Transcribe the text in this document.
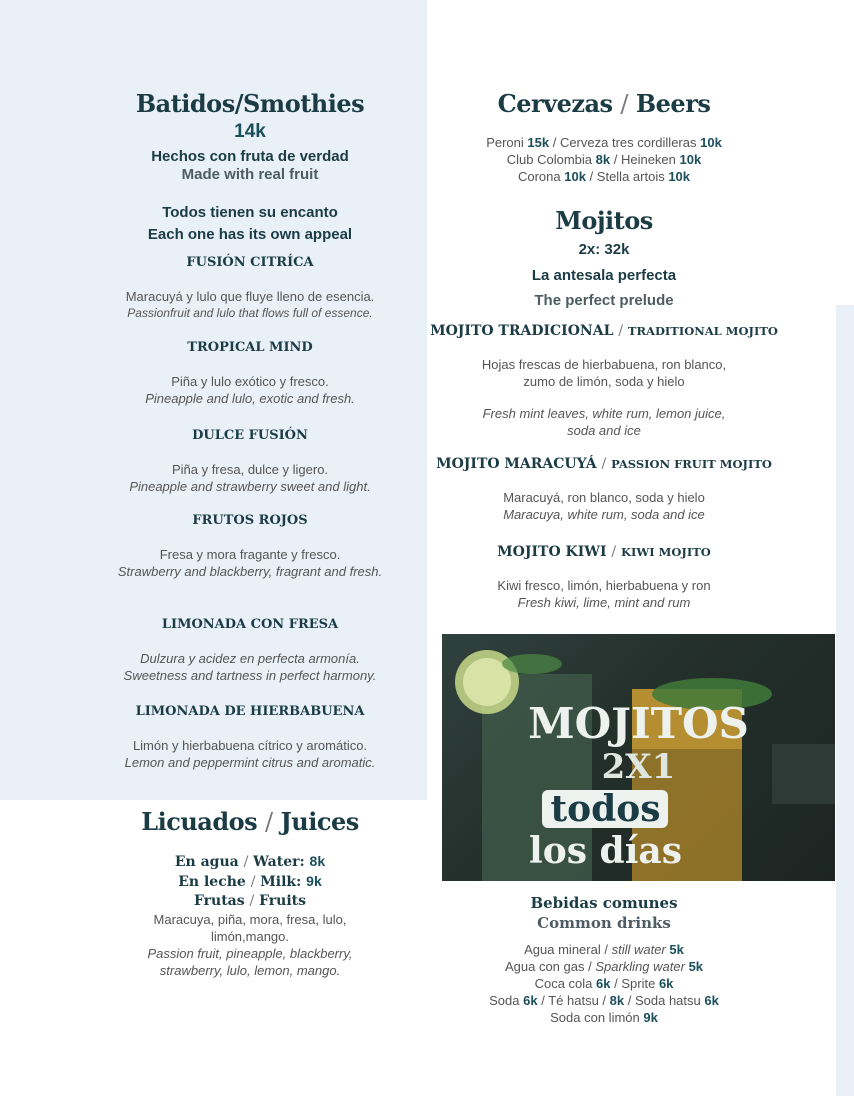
Batidos/Smothies
14k
Hechos con fruta de verdad
Made with real fruit
Todos tienen su encanto
Each one has its own appeal
FUSIÓN CITRÍCA
Maracuyá y lulo que fluye lleno de esencia.
Passionfruit and lulo that flows full of essence.
TROPICAL MIND
Piña y lulo exótico y fresco.
Pineapple and lulo, exotic and fresh.
DULCE FUSIÓN
Piña y fresa, dulce y ligero.
Pineapple and strawberry sweet and light.
FRUTOS ROJOS
Fresa y mora fragante y fresco.
Strawberry and blackberry, fragrant and fresh.
LIMONADA CON FRESA
Dulzura y acidez en perfecta armonía.
Sweetness and tartness in perfect harmony.
LIMONADA DE HIERBABUENA
Limón y hierbabuena cítrico y aromático.
Lemon and peppermint citrus and aromatic.
Licuados / Juices
En agua / Water: 8k
En leche / Milk: 9k
Frutas / Fruits
Maracuya, piña, mora, fresa, lulo, limón,mango.
Passion fruit, pineapple, blackberry, strawberry, lulo, lemon, mango.
Cervezas / Beers
Peroni 15k / Cerveza tres cordilleras 10k
Club Colombia 8k / Heineken 10k
Corona 10k / Stella artois 10k
Mojitos
2x: 32k
La antesala perfecta
The perfect prelude
MOJITO TRADICIONAL / TRADITIONAL MOJITO
Hojas frescas de hierbabuena, ron blanco, zumo de limón, soda y hielo
Fresh mint leaves, white rum, lemon juice, soda and ice
MOJITO MARACUYÁ / PASSION FRUIT MOJITO
Maracuyá, ron blanco, soda y hielo
Maracuya, white rum, soda and ice
MOJITO KIWI / KIWI MOJITO
Kiwi fresco, limón, hierbabuena y ron
Fresh kiwi, lime, mint and rum
MOJITOS
2X1
todos
los días
Bebidas comunes
Common drinks
Agua mineral / still water 5k
Agua con gas / Sparkling water 5k
Coca cola 6k / Sprite 6k
Soda 6k / Té hatsu / 8k / Soda hatsu 6k
Soda con limón 9k
